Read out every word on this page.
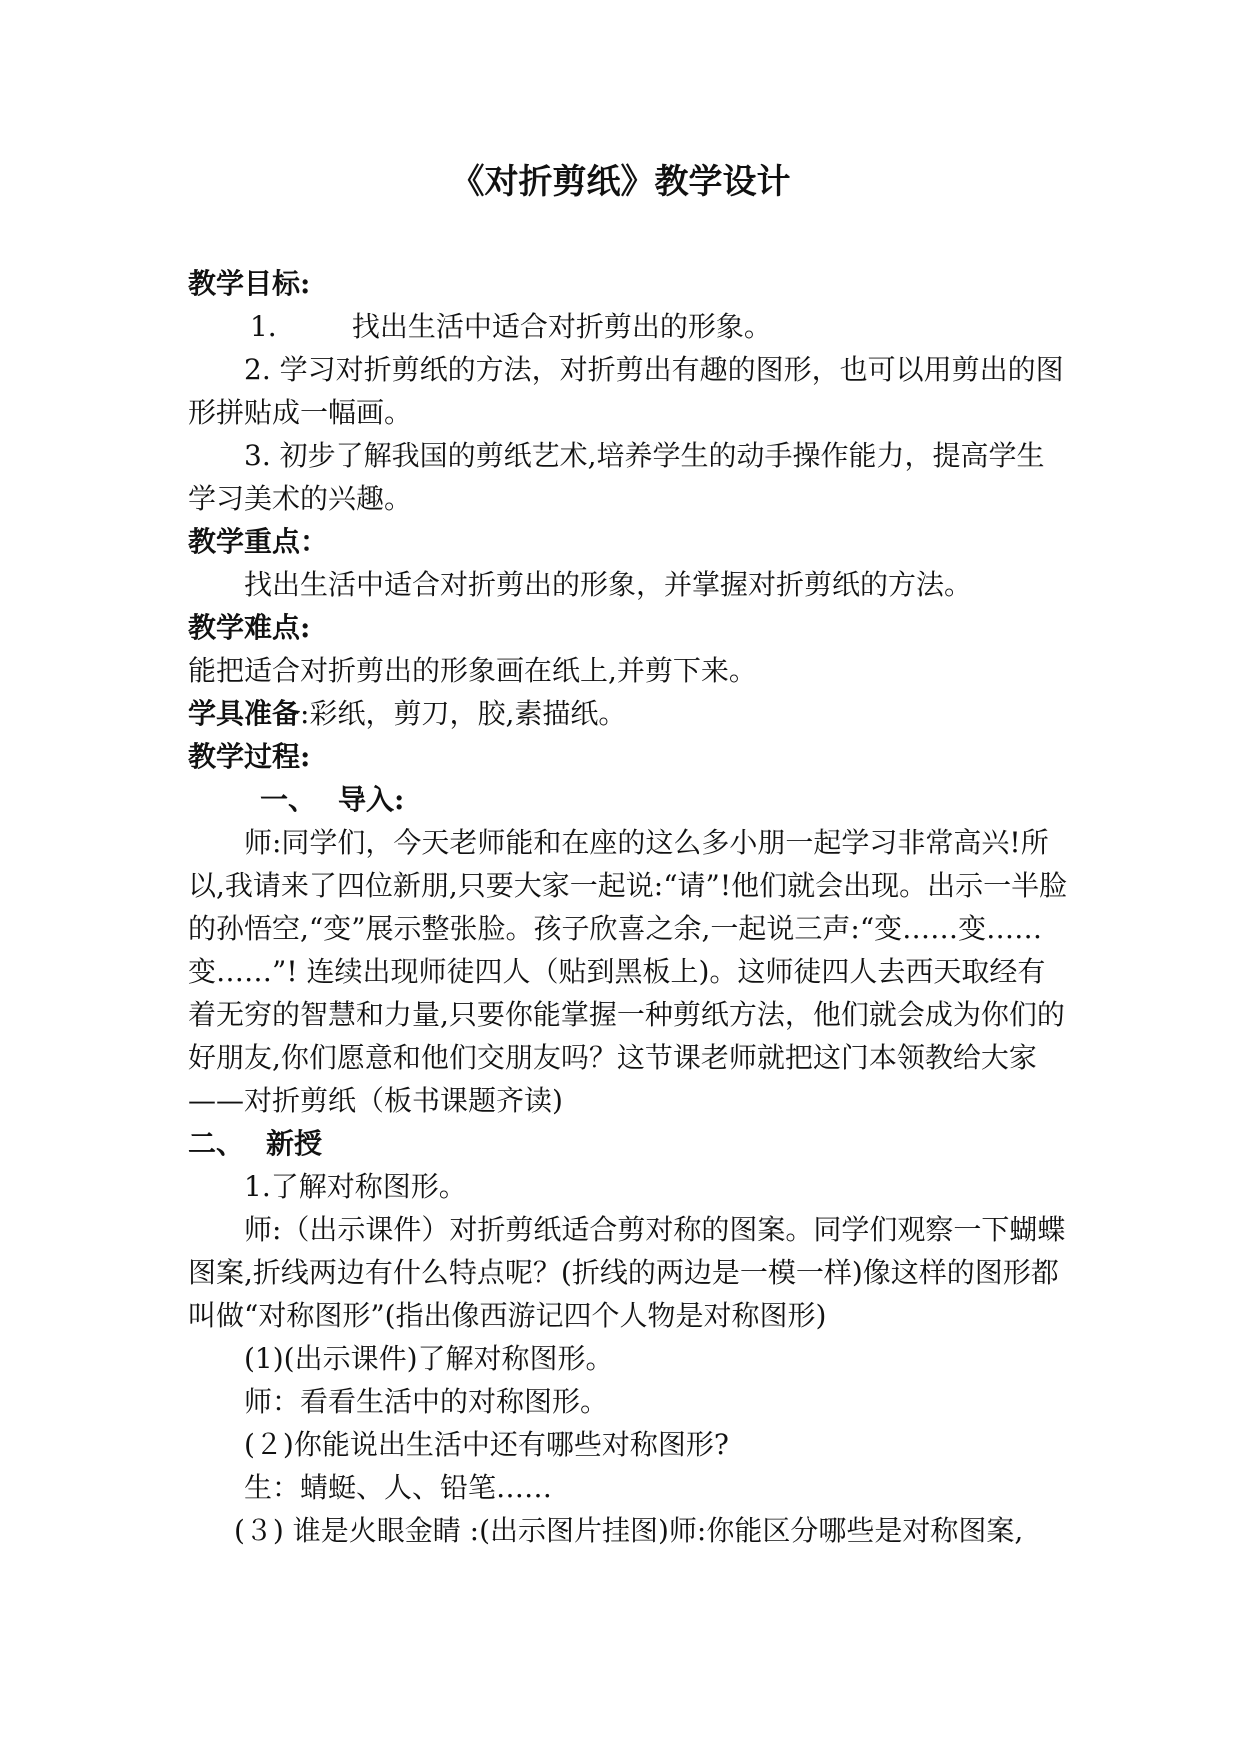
《对折剪纸》教学设计

教学目标:

1． 找出生活中适合对折剪出的形象。

2. 学习对折剪纸的方法，对折剪出有趣的图形，也可以用剪出的图形拼贴成一幅画。

3. 初步了解我国的剪纸艺术,培养学生的动手操作能力，提高学生学习美术的兴趣。

教学重点：

找出生活中适合对折剪出的形象，并掌握对折剪纸的方法。

教学难点:

能把适合对折剪出的形象画在纸上,并剪下来。

学具准备:彩纸，剪刀，胶,素描纸。

教学过程:

一、 导入:

师:同学们，今天老师能和在座的这么多小朋一起学习非常高兴!所以,我请来了四位新朋,只要大家一起说:“请”!他们就会出现。出示一半脸的孙悟空,“变”展示整张脸。孩子欣喜之余,一起说三声:“变……变……变……”! 连续出现师徒四人（贴到黑板上)。这师徒四人去西天取经有着无穷的智慧和力量,只要你能掌握一种剪纸方法，他们就会成为你们的好朋友,你们愿意和他们交朋友吗？这节课老师就把这门本领教给大家——对折剪纸（板书课题齐读)

二、 新授

1.了解对称图形。

师:（出示课件）对折剪纸适合剪对称的图案。同学们观察一下蝴蝶图案,折线两边有什么特点呢？(折线的两边是一模一样)像这样的图形都叫做“对称图形”(指出像西游记四个人物是对称图形)

(1)(出示课件)了解对称图形。

师：看看生活中的对称图形。

(２)你能说出生活中还有哪些对称图形?

生：蜻蜓、人、铅笔……

(３) 谁是火眼金睛 :(出示图片挂图)师:你能区分哪些是对称图案,
